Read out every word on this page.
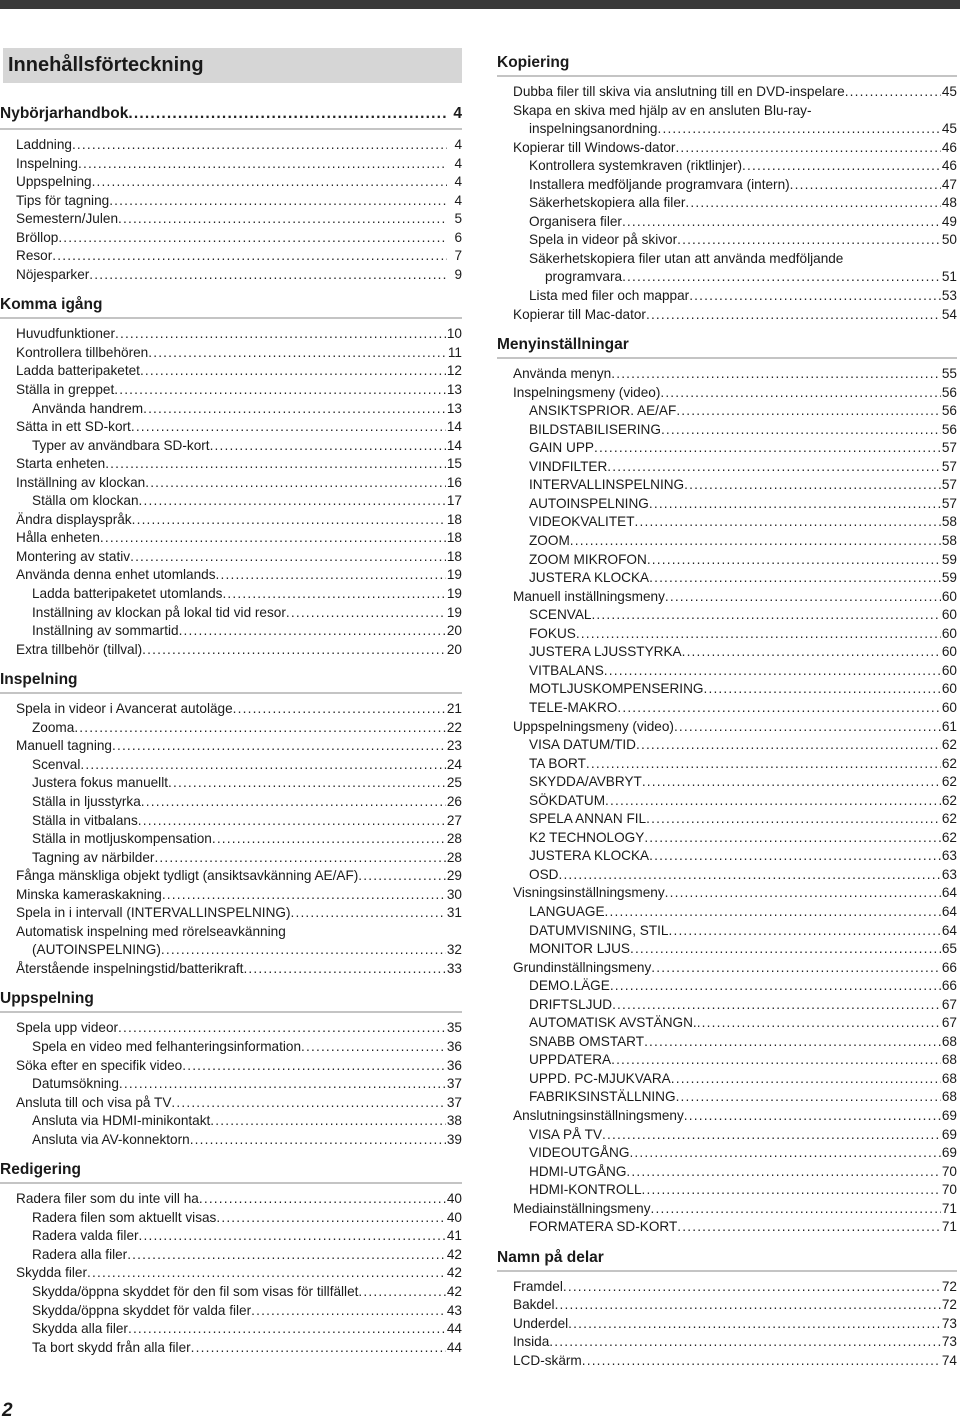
Innehållsförteckning
Nybörjarhandbok .....	4
Laddning .....	4
Inspelning .....	4
Uppspelning .....	4
Tips för tagning .....	4
Semestern/Julen .....	5
Bröllop .....	6
Resor .....	7
Nöjesparker .....	9
Komma igång
Huvudfunktioner .....	10
Kontrollera tillbehören .....	11
Ladda batteripaketet .....	12
Ställa in greppet .....	13
Använda handrem .....	13
Sätta in ett SD-kort .....	14
Typer av användbara SD-kort .....	14
Starta enheten .....	15
Inställning av klockan .....	16
Ställa om klockan .....	17
Ändra displayspråk .....	18
Hålla enheten .....	18
Montering av stativ .....	18
Använda denna enhet utomlands .....	19
Ladda batteripaketet utomlands .....	19
Inställning av klockan på lokal tid vid resor .....	19
Inställning av sommartid .....	20
Extra tillbehör (tillval) .....	20
Inspelning
Spela in videor i Avancerat autoläge .....	21
Zooma .....	22
Manuell tagning .....	23
Scenval .....	24
Justera fokus manuellt .....	25
Ställa in ljusstyrka .....	26
Ställa in vitbalans .....	27
Ställa in motljuskompensation .....	28
Tagning av närbilder .....	28
Fånga mänskliga objekt tydligt (ansiktsavkänning AE/AF) .....	29
Minska kameraskakning .....	30
Spela in i intervall (INTERVALLINSPELNING) .....	31
Automatisk inspelning med rörelseavkänning
(AUTOINSPELNING) .....	32
Återstående inspelningstid/batterikraft .....	33
Uppspelning
Spela upp videor .....	35
Spela en video med felhanteringsinformation .....	36
Söka efter en specifik video .....	36
Datumsökning .....	37
Ansluta till och visa på TV .....	37
Ansluta via HDMI-minikontakt .....	38
Ansluta via AV-konnektorn .....	39
Redigering
Radera filer som du inte vill ha .....	40
Radera filen som aktuellt visas .....	40
Radera valda filer .....	41
Radera alla filer .....	42
Skydda filer .....	42
Skydda/öppna skyddet för den fil som visas för tillfället .....	42
Skydda/öppna skyddet för valda filer .....	43
Skydda alla filer .....	44
Ta bort skydd från alla filer .....	44
Kopiering
Dubba filer till skiva via anslutning till en DVD-inspelare .....	45
Skapa en skiva med hjälp av en ansluten Blu-ray-
inspelningsanordning .....	45
Kopierar till Windows-dator .....	46
Kontrollera systemkraven (riktlinjer) .....	46
Installera medföljande programvara (intern) .....	47
Säkerhetskopiera alla filer .....	48
Organisera filer .....	49
Spela in videor på skivor .....	50
Säkerhetskopiera filer utan att använda medföljande
programvara .....	51
Lista med filer och mappar .....	53
Kopierar till Mac-dator .....	54
Menyinställningar
Använda menyn .....	55
Inspelningsmeny (video) .....	56
ANSIKTSPRIOR. AE/AF .....	56
BILDSTABILISERING .....	56
GAIN UPP .....	57
VINDFILTER .....	57
INTERVALLINSPELNING .....	57
AUTOINSPELNING .....	57
VIDEOKVALITET .....	58
ZOOM .....	58
ZOOM MIKROFON .....	59
JUSTERA KLOCKA .....	59
Manuell inställningsmeny .....	60
SCENVAL .....	60
FOKUS .....	60
JUSTERA LJUSSTYRKA .....	60
VITBALANS .....	60
MOTLJUSKOMPENSERING .....	60
TELE-MAKRO .....	60
Uppspelningsmeny (video) .....	61
VISA DATUM/TID .....	62
TA BORT .....	62
SKYDDA/AVBRYT .....	62
SÖKDATUM .....	62
SPELA ANNAN FIL .....	62
K2 TECHNOLOGY .....	62
JUSTERA KLOCKA .....	63
OSD .....	63
Visningsinställningsmeny .....	64
LANGUAGE .....	64
DATUMVISNING, STIL .....	64
MONITOR LJUS .....	65
Grundinställningsmeny .....	66
DEMO.LÄGE .....	66
DRIFTSLJUD .....	67
AUTOMATISK AVSTÄNGN. .....	67
SNABB OMSTART .....	68
UPPDATERA .....	68
UPPD. PC-MJUKVARA .....	68
FABRIKSINSTÄLLNING .....	68
Anslutningsinställningsmeny .....	69
VISA PÅ TV .....	69
VIDEOUTGÅNG .....	69
HDMI-UTGÅNG .....	70
HDMI-KONTROLL .....	70
Mediainställningsmeny .....	71
FORMATERA SD-KORT .....	71
Namn på delar
Framdel .....	72
Bakdel .....	72
Underdel .....	73
Insida .....	73
LCD-skärm .....	74
2
